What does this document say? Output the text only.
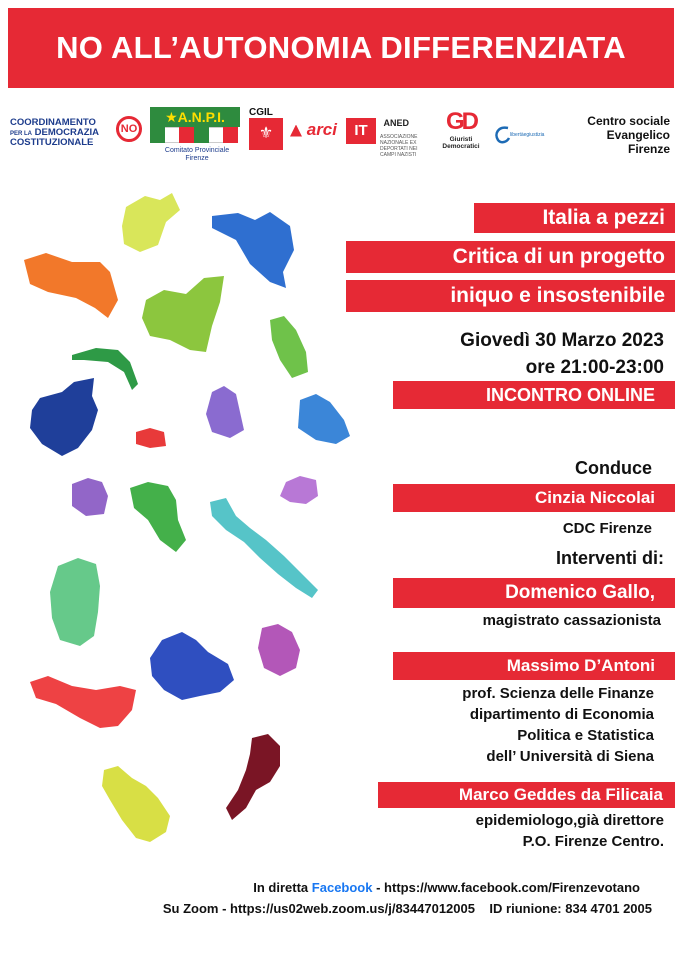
NO ALL’AUTONOMIA DIFFERENZIATA
COORDINAMENTO
PER LA DEMOCRAZIA
COSTITUZIONALE
NO
★A.N.P.I.
Comitato Provinciale
Firenze
CGIL
⚜	arci	IT ANED
ASSOCIAZIONE NAZIONALE EX DEPORTATI NEI CAMPI NAZISTI
GD
Giuristi
Democratici
libertàegiustizia
Centro sociale
Evangelico
Firenze
Italia a pezzi
Critica di un progetto
iniquo e insostenibile
Giovedì 30 Marzo 2023
ore 21:00-23:00
INCONTRO ONLINE
Conduce
Cinzia Niccolai
CDC Firenze
Interventi di:
Domenico Gallo,
magistrato cassazionista
Massimo D’Antoni
prof. Scienza delle Finanze
dipartimento di Economia
Politica e Statistica
dell’ Università di Siena
Marco Geddes da Filicaia
epidemiologo,già direttore
P.O. Firenze Centro.
In diretta Facebook - https://www.facebook.com/Firenzevotano
Su Zoom - https://us02web.zoom.us/j/83447012005    ID riunione: 834 4701 2005
